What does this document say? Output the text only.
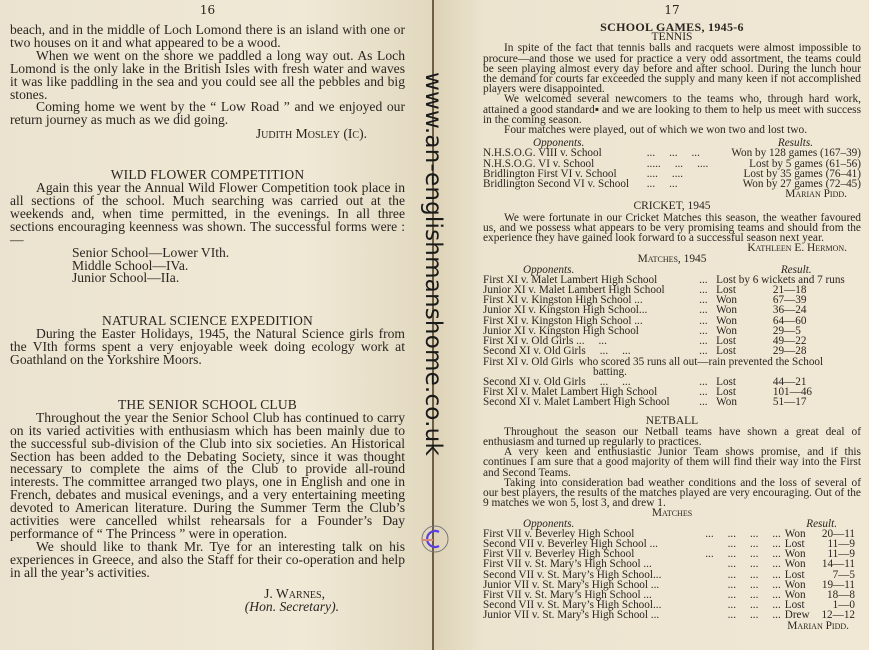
16

beach, and in the middle of Loch Lomond there is an island with one or two houses on it and what appeared to be a wood.

When we went on the shore we paddled a long way out. As Loch Lomond is the only lake in the British Isles with fresh water and waves it was like paddling in the sea and you could see all the pebbles and big stones.

Coming home we went by the “ Low Road ” and we enjoyed our return journey as much as we did going.

Judith Mosley (Ic).
WILD FLOWER COMPETITION

Again this year the Annual Wild Flower Competition took place in all sections of the school. Much searching was carried out at the weekends and, when time permitted, in the evenings. In all three sections encouraging keenness was shown. The successful forms were :—

Senior School—Lower VIth.
Middle School—IVa.
Junior School—IIa.
NATURAL SCIENCE EXPEDITION

During the Easter Holidays, 1945, the Natural Science girls from the VIth forms spent a very enjoyable week doing ecology work at Goathland on the Yorkshire Moors.

THE SENIOR SCHOOL CLUB

Throughout the year the Senior School Club has continued to carry on its varied activities with enthusiasm which has been mainly due to the successful sub-division of the Club into six societies. An Historical Section has been added to the Debating Society, since it was thought necessary to complete the aims of the Club to provide all-round interests. The committee arranged two plays, one in English and one in French, debates and musical evenings, and a very entertaining meeting devoted to American literature. During the Summer Term the Club’s activities were cancelled whilst rehearsals for a Founder’s Day performance of “ The Princess ” were in operation.

We should like to thank Mr. Tye for an interesting talk on his experiences in Greece, and also the Staff for their co-operation and help in all the year’s activities.

J. Warnes,
(Hon. Secretary).
17
SCHOOL GAMES, 1945-6
TENNIS

In spite of the fact that tennis balls and racquets were almost impossible to procure—and those we used for practice a very odd assortment, the teams could be seen playing almost every day before and after school. During the lunch hour the demand for courts far exceeded the supply and many keen if not accomplished players were disappointed.

We welcomed several newcomers to the teams who, through hard work, attained a good standard▪ and we are looking to them to help us meet with success in the coming season.

Four matches were played, out of which we won two and lost two.

Opponents.		Results.
N.H.S.O.G. VIII v. School	...     ...     ...	Won by 128 games (167–39)
N.H.S.O.G. VI v. School	.....     ...     ....	Lost by 5 games (61–56)
Bridlington First VI v. School	....     ....	Lost by 35 games (76–41)
Bridlington Second VI v. School	...     ...	Won by 27 games (72–45)
Marian Pidd.
CRICKET, 1945

We were fortunate in our Cricket Matches this season, the weather favoured us, and we possess what appears to be very promising teams and should from the experience they have gained look forward to a successful season next year.

Kathleen E. Hermon.
Matches, 1945
Opponents.			Result.
First XI v. Malet Lambert High School	...	Lost by 6 wickets and 7 runs	
Junior XI v. Malet Lambert High School	...	Lost	21—18
First XI v. Kingston High School ...	...	Won	67—39
Junior XI v. Kingston High School...	...	Won	36—24
First XI v. Kingston High School ...	...	Won	64—60
Junior XI v. Kingston High School	...	Won	29—5
First XI v. Old Girls ...     ...	...	Lost	49—22
Second XI v. Old Girls     ...     ...	...	Lost	29—28
First XI v. Old Girls  who scored 35 runs all out—rain prevented the School			
batting.			
Second XI v. Old Girls     ...     ...	...	Lost	44—21
First XI v. Malet Lambert High School	...	Lost	101—46
Second XI v. Malet Lambert High School	...	Won	51—17
NETBALL

Throughout the season our Netball teams have shown a great deal of enthusiasm and turned up regularly to practices.

A very keen and enthusiastic Junior Team shows promise, and if this continues I am sure that a good majority of them will find their way into the First and Second Teams.

Taking into consideration bad weather conditions and the loss of several of our best players, the results of the matches played are very encouraging. Out of the 9 matches we won 5, lost 3, and drew 1.

Matches
Opponents.		Result.	
First VII v. Beverley High School	...     ...     ...     ...	Won	20—11
Second VII v. Beverley High School ...	...     ...     ...	Lost	11—9
First VII v. Beverley High School	...     ...     ...     ...	Won	11—9
First VII v. St. Mary’s High School ...	...     ...     ...	Won	14—11
Second VII v. St. Mary’s High School...	...     ...     ...	Lost	7—5
Junior VII v. St. Mary’s High School ...	...     ...     ...	Won	19—11
First VII v. St. Mary’s High School ...	...     ...     ...	Won	18—8
Second VII v. St. Mary’s High School...	...     ...     ...	Lost	1—0
Junior VII v. St. Mary’s High School ...	...     ...     ...	Drew	12—12
Marian Pidd.
www.an-englishmanshome.co.uk
